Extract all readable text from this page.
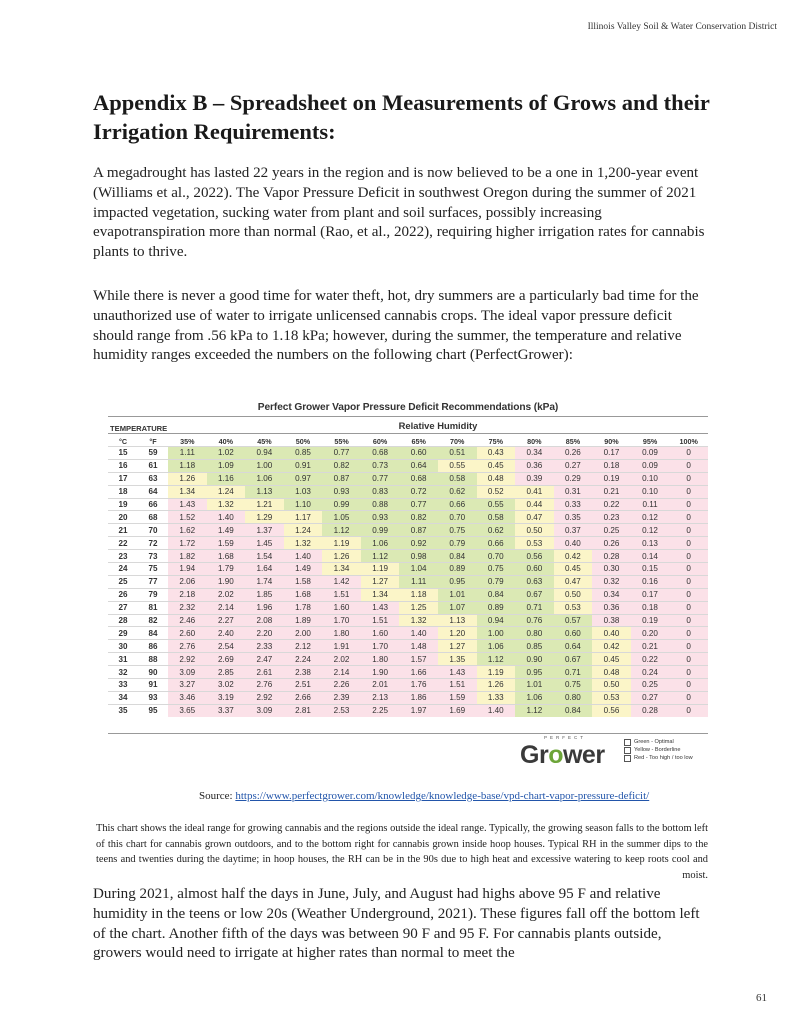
Illinois Valley Soil & Water Conservation District
Appendix B – Spreadsheet on Measurements of Grows and their Irrigation Requirements:

A megadrought has lasted 22 years in the region and is now believed to be a one in 1,200-year event (Williams et al., 2022). The Vapor Pressure Deficit in southwest Oregon during the summer of 2021 impacted vegetation, sucking water from plant and soil surfaces, possibly increasing evapotranspiration more than normal (Rao, et al., 2022), requiring higher irrigation rates for cannabis plants to thrive.

While there is never a good time for water theft, hot, dry summers are a particularly bad time for the unauthorized use of water to irrigate unlicensed cannabis crops. The ideal vapor pressure deficit should range from .56 kPa to 1.18 kPa; however, during the summer, the temperature and relative humidity ranges exceeded the numbers on the following chart (PerfectGrower):

Perfect Grower Vapor Pressure Deficit Recommendations (kPa)
TEMPERATURE	Relative Humidity
°C	°F	35%	40%	45%	50%	55%	60%	65%	70%	75%	80%	85%	90%	95%	100%
15	59	1.11	1.02	0.94	0.85	0.77	0.68	0.60	0.51	0.43	0.34	0.26	0.17	0.09	0
16	61	1.18	1.09	1.00	0.91	0.82	0.73	0.64	0.55	0.45	0.36	0.27	0.18	0.09	0
17	63	1.26	1.16	1.06	0.97	0.87	0.77	0.68	0.58	0.48	0.39	0.29	0.19	0.10	0
18	64	1.34	1.24	1.13	1.03	0.93	0.83	0.72	0.62	0.52	0.41	0.31	0.21	0.10	0
19	66	1.43	1.32	1.21	1.10	0.99	0.88	0.77	0.66	0.55	0.44	0.33	0.22	0.11	0
20	68	1.52	1.40	1.29	1.17	1.05	0.93	0.82	0.70	0.58	0.47	0.35	0.23	0.12	0
21	70	1.62	1.49	1.37	1.24	1.12	0.99	0.87	0.75	0.62	0.50	0.37	0.25	0.12	0
22	72	1.72	1.59	1.45	1.32	1.19	1.06	0.92	0.79	0.66	0.53	0.40	0.26	0.13	0
23	73	1.82	1.68	1.54	1.40	1.26	1.12	0.98	0.84	0.70	0.56	0.42	0.28	0.14	0
24	75	1.94	1.79	1.64	1.49	1.34	1.19	1.04	0.89	0.75	0.60	0.45	0.30	0.15	0
25	77	2.06	1.90	1.74	1.58	1.42	1.27	1.11	0.95	0.79	0.63	0.47	0.32	0.16	0
26	79	2.18	2.02	1.85	1.68	1.51	1.34	1.18	1.01	0.84	0.67	0.50	0.34	0.17	0
27	81	2.32	2.14	1.96	1.78	1.60	1.43	1.25	1.07	0.89	0.71	0.53	0.36	0.18	0
28	82	2.46	2.27	2.08	1.89	1.70	1.51	1.32	1.13	0.94	0.76	0.57	0.38	0.19	0
29	84	2.60	2.40	2.20	2.00	1.80	1.60	1.40	1.20	1.00	0.80	0.60	0.40	0.20	0
30	86	2.76	2.54	2.33	2.12	1.91	1.70	1.48	1.27	1.06	0.85	0.64	0.42	0.21	0
31	88	2.92	2.69	2.47	2.24	2.02	1.80	1.57	1.35	1.12	0.90	0.67	0.45	0.22	0
32	90	3.09	2.85	2.61	2.38	2.14	1.90	1.66	1.43	1.19	0.95	0.71	0.48	0.24	0
33	91	3.27	3.02	2.76	2.51	2.26	2.01	1.76	1.51	1.26	1.01	0.75	0.50	0.25	0
34	93	3.46	3.19	2.92	2.66	2.39	2.13	1.86	1.59	1.33	1.06	0.80	0.53	0.27	0
35	95	3.65	3.37	3.09	2.81	2.53	2.25	1.97	1.69	1.40	1.12	0.84	0.56	0.28	0
PERFECT
Grower	Green - Optimal
Yellow - Borderline
Red - Too high / too low
Source: https://www.perfectgrower.com/knowledge/knowledge-base/vpd-chart-vapor-pressure-deficit/

This chart shows the ideal range for growing cannabis and the regions outside the ideal range. Typically, the growing season falls to the bottom left of this chart for cannabis grown outdoors, and to the bottom right for cannabis grown inside hoop houses. Typical RH in the summer dips to the teens and twenties during the daytime; in hoop houses, the RH can be in the 90s due to high heat and excessive watering to keep roots cool and moist.

During 2021, almost half the days in June, July, and August had highs above 95 F and relative humidity in the teens or low 20s (Weather Underground, 2021). These figures fall off the bottom left of the chart. Another fifth of the days was between 90 F and 95 F. For cannabis plants outside, growers would need to irrigate at higher rates than normal to meet the

61
